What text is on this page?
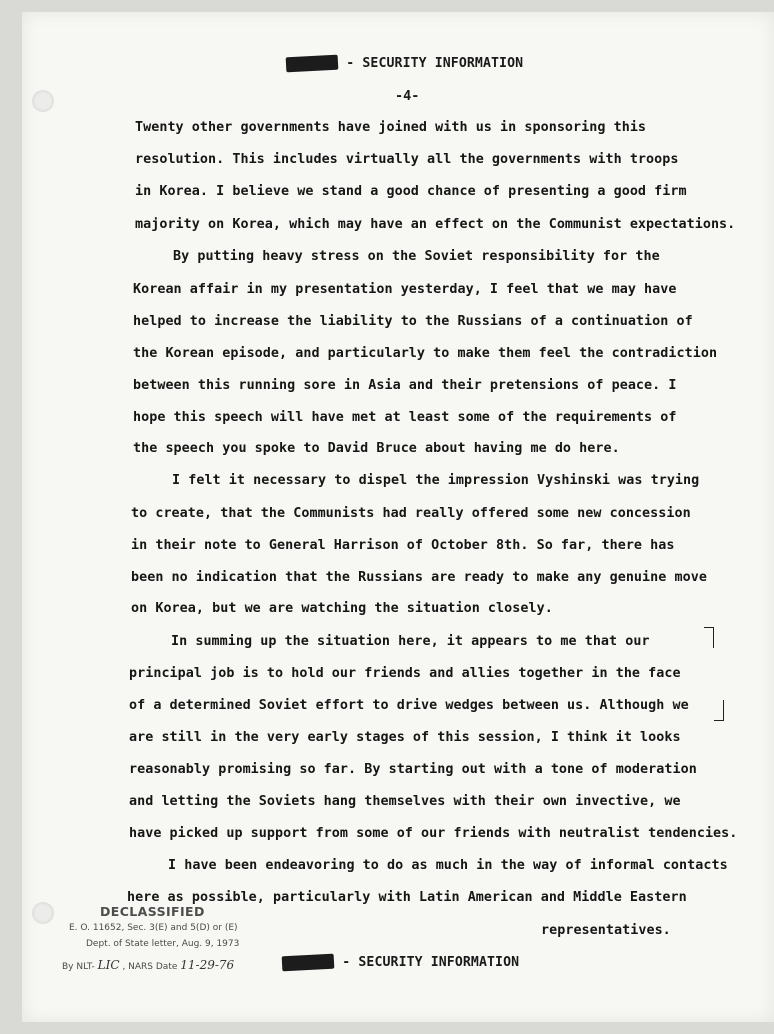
- SECURITY INFORMATION
-4-
Twenty other governments have joined with us in sponsoring this
resolution. This includes virtually all the governments with troops
in Korea. I believe we stand a good chance of presenting a good firm
majority on Korea, which may have an effect on the Communist expectations.
By putting heavy stress on the Soviet responsibility for the
Korean affair in my presentation yesterday, I feel that we may have
helped to increase the liability to the Russians of a continuation of
the Korean episode, and particularly to make them feel the contradiction
between this running sore in Asia and their pretensions of peace. I
hope this speech will have met at least some of the requirements of
the speech you spoke to David Bruce about having me do here.
I felt it necessary to dispel the impression Vyshinski was trying
to create, that the Communists had really offered some new concession
in their note to General Harrison of October 8th. So far, there has
been no indication that the Russians are ready to make any genuine move
on Korea, but we are watching the situation closely.
In summing up the situation here, it appears to me that our
principal job is to hold our friends and allies together in the face
of a determined Soviet effort to drive wedges between us. Although we
are still in the very early stages of this session, I think it looks
reasonably promising so far. By starting out with a tone of moderation
and letting the Soviets hang themselves with their own invective, we
have picked up support from some of our friends with neutralist tendencies.
I have been endeavoring to do as much in the way of informal contacts
here as possible, particularly with Latin American and Middle Eastern
representatives.
DECLASSIFIED
E. O. 11652, Sec. 3(E) and 5(D) or (E)
Dept. of State letter, Aug. 9, 1973
By NLT- LIC , NARS Date 11-29-76	- SECURITY INFORMATION
